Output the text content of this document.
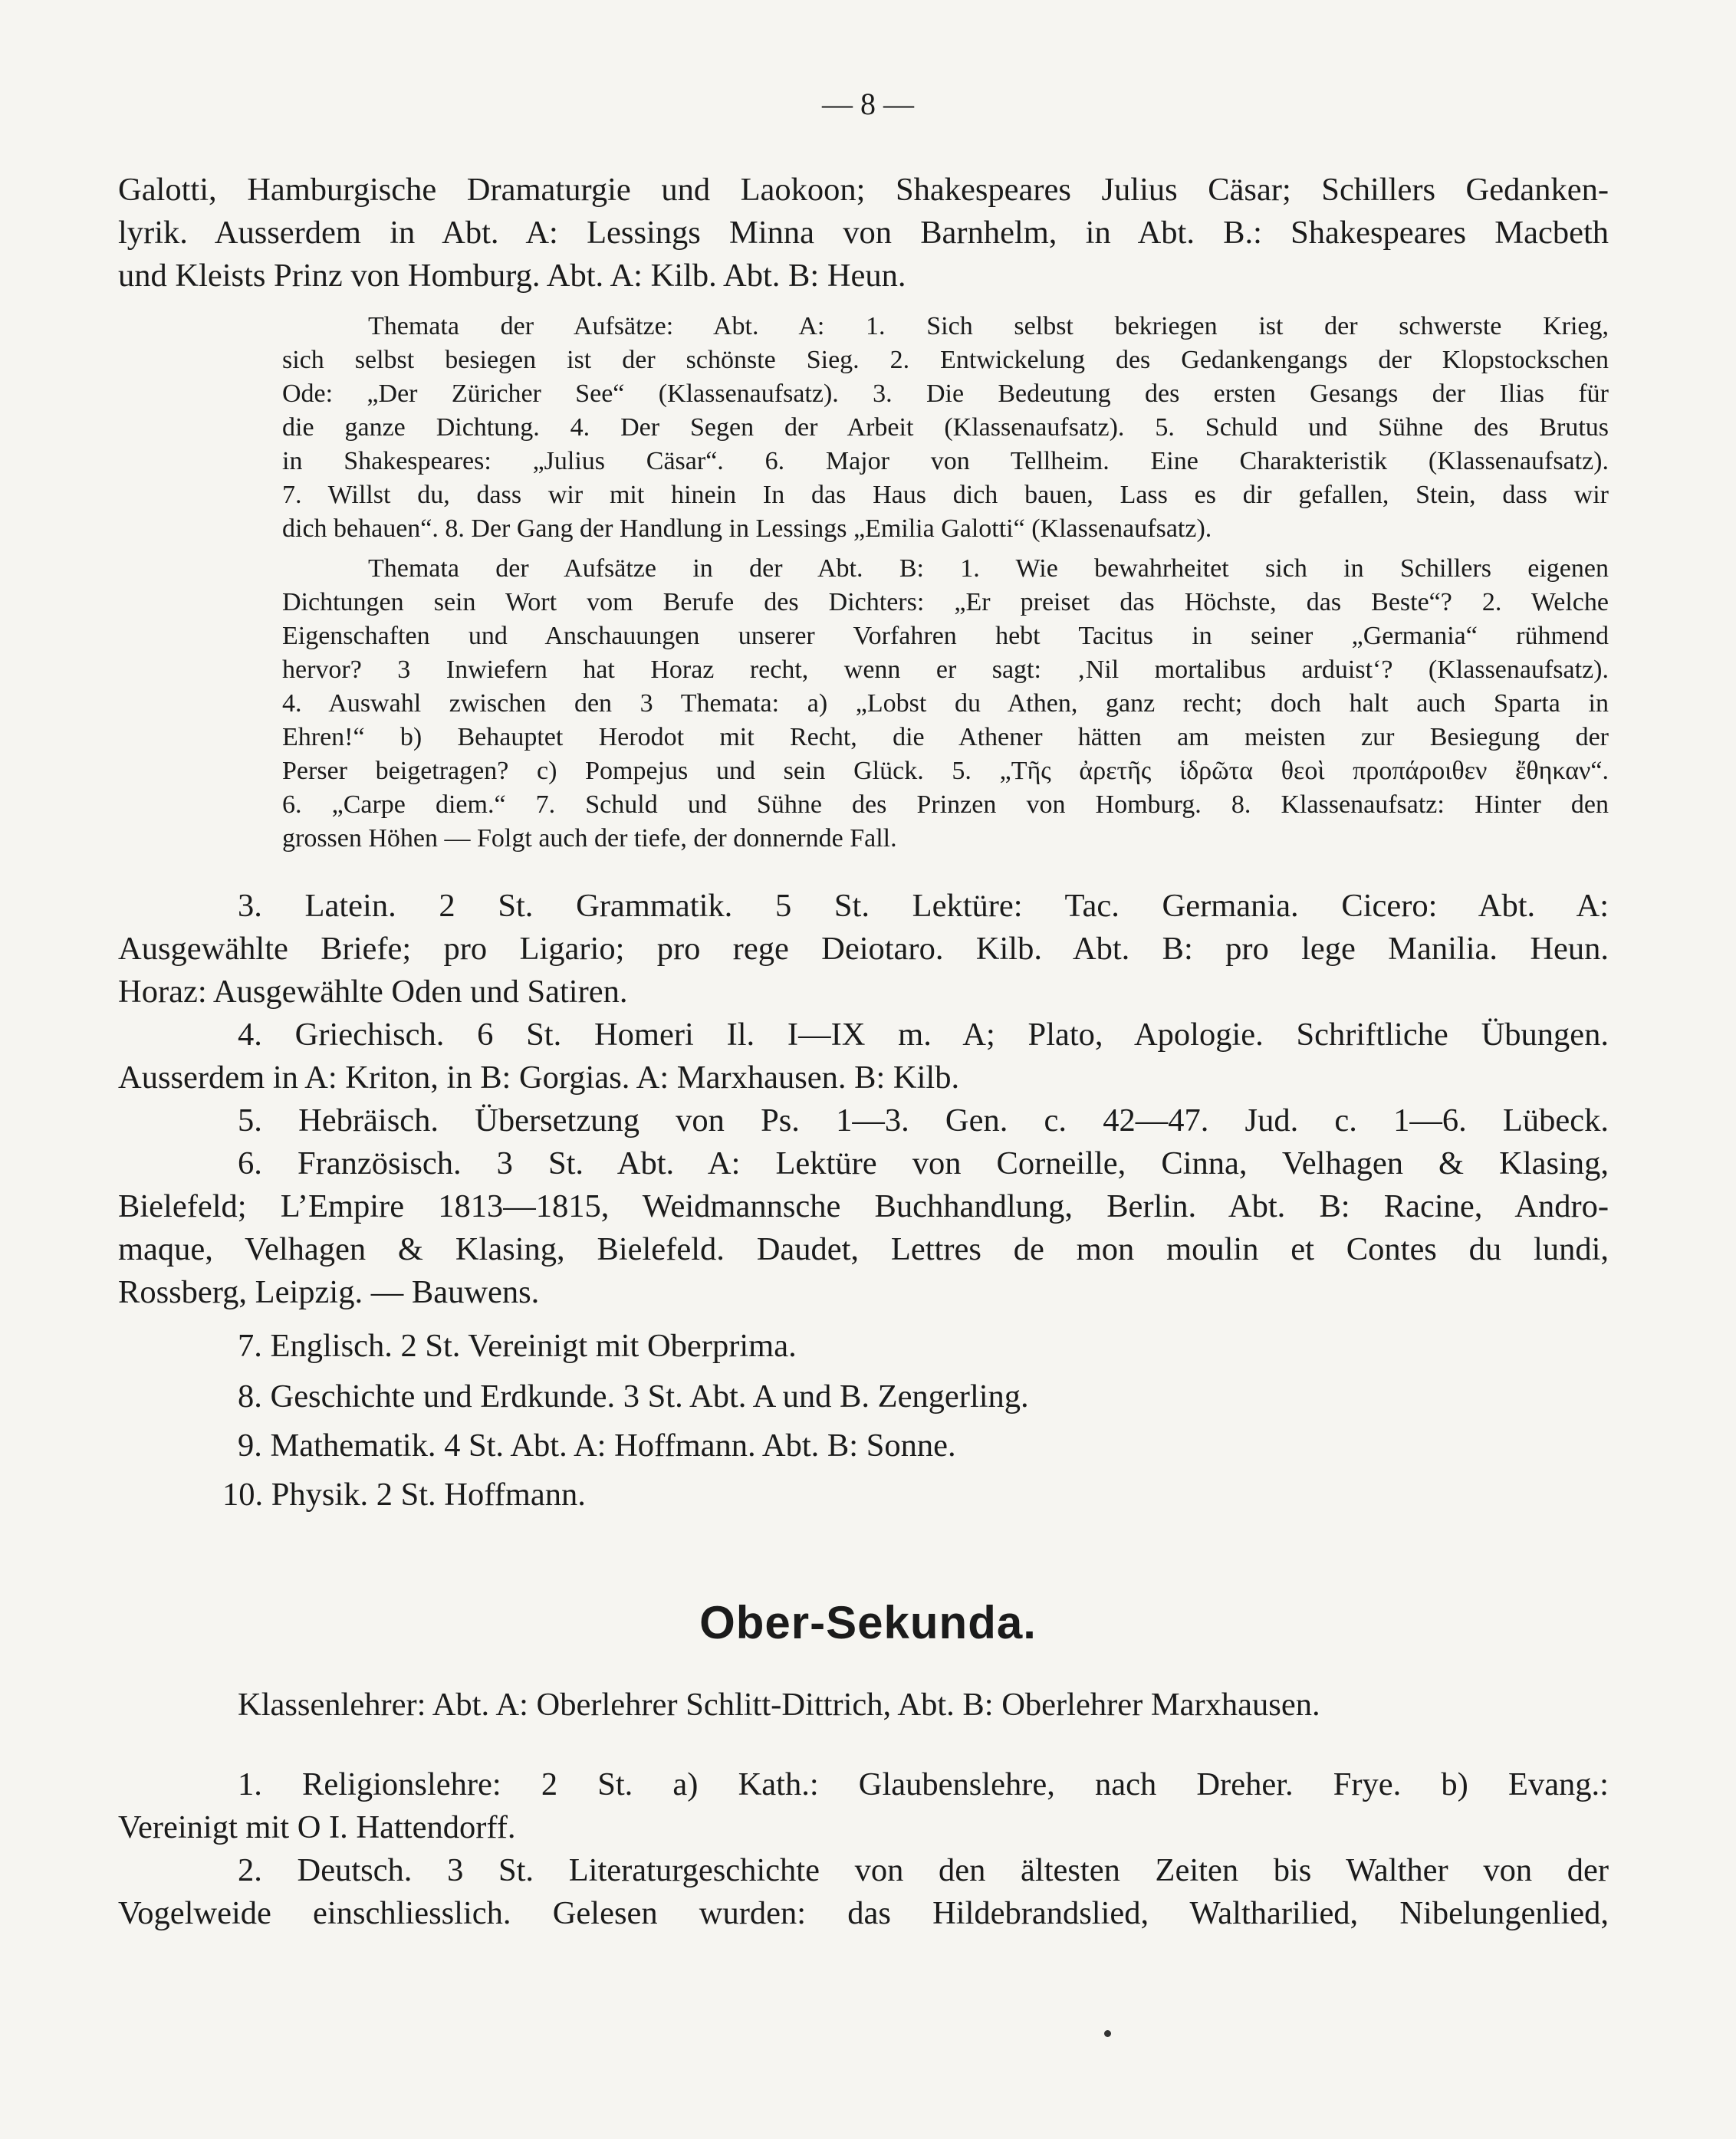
— 8 —
Galotti, Hamburgische Dramaturgie und Laokoon; Shakespeares Julius Cäsar; Schillers Gedanken-
lyrik. Ausserdem in Abt. A: Lessings Minna von Barnhelm, in Abt. B.: Shakespeares Macbeth
und Kleists Prinz von Homburg. Abt. A: Kilb. Abt. B: Heun.
Themata der Aufsätze: Abt. A: 1. Sich selbst bekriegen ist der schwerste Krieg,
sich selbst besiegen ist der schönste Sieg. 2. Entwickelung des Gedankengangs der Klopstockschen
Ode: „Der Züricher See“ (Klassenaufsatz). 3. Die Bedeutung des ersten Gesangs der Ilias für
die ganze Dichtung. 4. Der Segen der Arbeit (Klassenaufsatz). 5. Schuld und Sühne des Brutus
in Shakespeares: „Julius Cäsar“. 6. Major von Tellheim. Eine Charakteristik (Klassenaufsatz).
7. Willst du, dass wir mit hinein In das Haus dich bauen, Lass es dir gefallen, Stein, dass wir
dich behauen“. 8. Der Gang der Handlung in Lessings „Emilia Galotti“ (Klassenaufsatz).
Themata der Aufsätze in der Abt. B: 1. Wie bewahrheitet sich in Schillers eigenen
Dichtungen sein Wort vom Berufe des Dichters: „Er preiset das Höchste, das Beste“? 2. Welche
Eigenschaften und Anschauungen unserer Vorfahren hebt Tacitus in seiner „Germania“ rühmend
hervor? 3 Inwiefern hat Horaz recht, wenn er sagt: ‚Nil mortalibus arduist‘? (Klassenaufsatz).
4. Auswahl zwischen den 3 Themata: a) „Lobst du Athen, ganz recht; doch halt auch Sparta in
Ehren!“ b) Behauptet Herodot mit Recht, die Athener hätten am meisten zur Besiegung der
Perser beigetragen? c) Pompejus und sein Glück. 5. „Τῆς ἀρετῆς ἱδρῶτα θεοὶ προπάροιθεν ἔθηκαν“.
6. „Carpe diem.“ 7. Schuld und Sühne des Prinzen von Homburg. 8. Klassenaufsatz: Hinter den
grossen Höhen — Folgt auch der tiefe, der donnernde Fall.
3. Latein. 2 St. Grammatik. 5 St. Lektüre: Tac. Germania. Cicero: Abt. A:
Ausgewählte Briefe; pro Ligario; pro rege Deiotaro. Kilb. Abt. B: pro lege Manilia. Heun.
Horaz: Ausgewählte Oden und Satiren.
4. Griechisch. 6 St. Homeri Il. I—IX m. A; Plato, Apologie. Schriftliche Übungen.
Ausserdem in A: Kriton, in B: Gorgias. A: Marxhausen. B: Kilb.
5. Hebräisch. Übersetzung von Ps. 1—3. Gen. c. 42—47. Jud. c. 1—6. Lübeck.
6. Französisch. 3 St. Abt. A: Lektüre von Corneille, Cinna, Velhagen & Klasing,
Bielefeld; L’Empire 1813—1815, Weidmannsche Buchhandlung, Berlin. Abt. B: Racine, Andro-
maque, Velhagen & Klasing, Bielefeld. Daudet, Lettres de mon moulin et Contes du lundi,
Rossberg, Leipzig. — Bauwens.
7. Englisch. 2 St. Vereinigt mit Oberprima.
8. Geschichte und Erdkunde. 3 St. Abt. A und B. Zengerling.
9. Mathematik. 4 St. Abt. A: Hoffmann. Abt. B: Sonne.
10. Physik. 2 St. Hoffmann.
Ober-Sekunda.
Klassenlehrer: Abt. A: Oberlehrer Schlitt-Dittrich, Abt. B: Oberlehrer Marxhausen.
1. Religionslehre: 2 St. a) Kath.: Glaubenslehre, nach Dreher. Frye. b) Evang.:
Vereinigt mit O I. Hattendorff.
2. Deutsch. 3 St. Literaturgeschichte von den ältesten Zeiten bis Walther von der
Vogelweide einschliesslich. Gelesen wurden: das Hildebrandslied, Waltharilied, Nibelungenlied,
